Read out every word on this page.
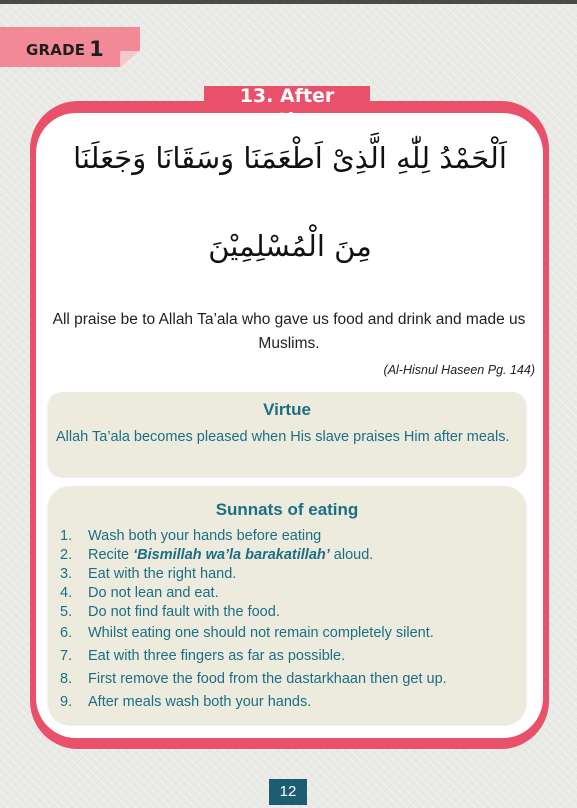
GRADE 1
13. After eating
اَلْحَمْدُ لِلّٰهِ الَّذِىْ اَطْعَمَنَا وَسَقَانَا وَجَعَلَنَا
مِنَ الْمُسْلِمِيْنَ
All praise be to Allah Ta’ala who gave us food and drink and made us Muslims.
(Al-Hisnul Haseen Pg. 144)
Virtue
Allah Ta’ala becomes pleased when His slave praises Him after meals.
Sunnats of eating
1. Wash both your hands before eating
2. Recite ‘Bismillah wa’la barakatillah’ aloud.
3. Eat with the right hand.
4. Do not lean and eat.
5. Do not find fault with the food.
6. Whilst eating one should not remain completely silent.
7. Eat with three fingers as far as possible.
8. First remove the food from the dastarkhaan then get up.
9. After meals wash both your hands.
12
